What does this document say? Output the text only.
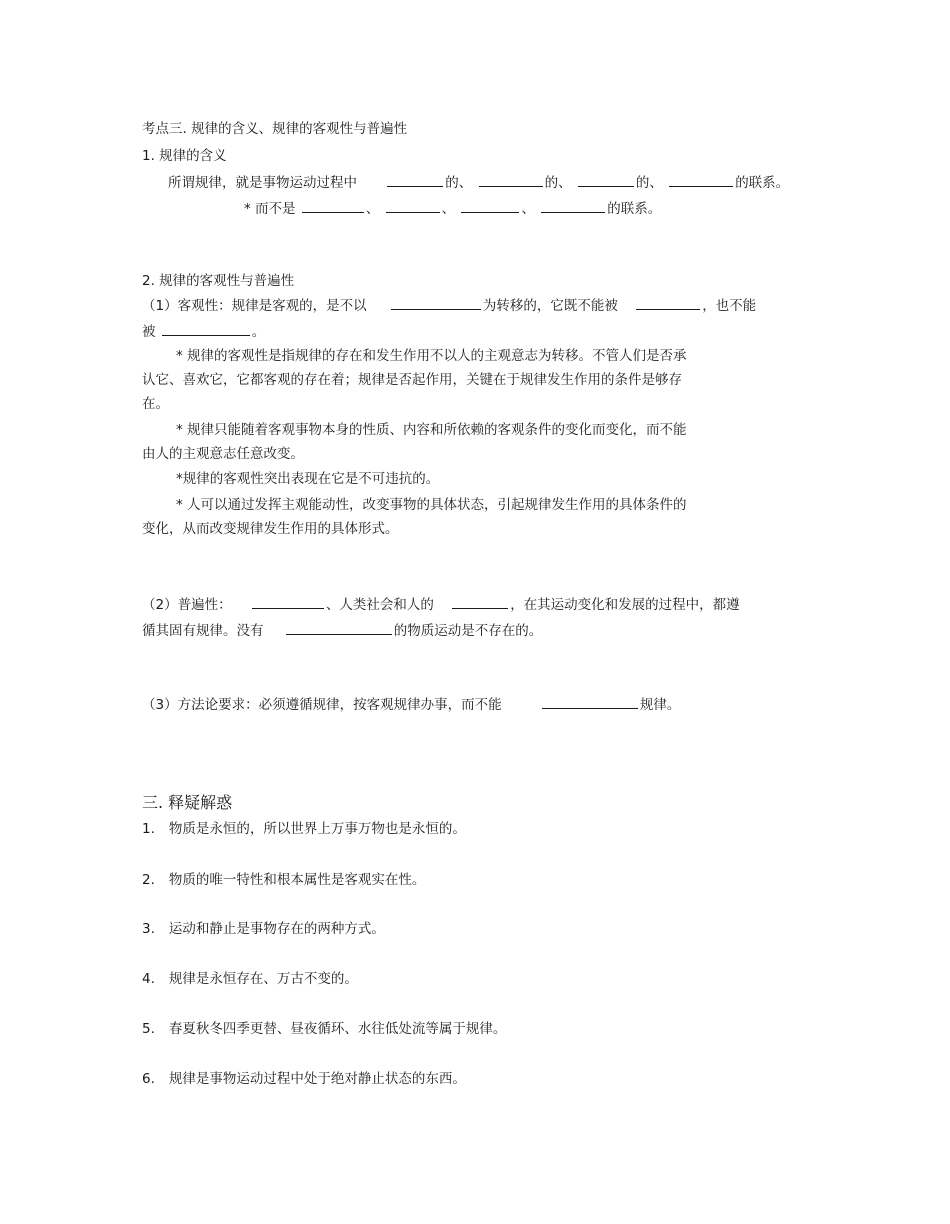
考点三. 规律的含义、规律的客观性与普遍性
1. 规律的含义
所谓规律，就是事物运动过程中	的、	的、	的、	的联系。
* 而不是	、	、	、	的联系。
2. 规律的客观性与普遍性
（1）客观性：规律是客观的，是不以	为转移的，它既不能被	，也不能
被	。
* 规律的客观性是指规律的存在和发生作用不以人的主观意志为转移。不管人们是否承
认它、喜欢它，它都客观的存在着；规律是否起作用，关键在于规律发生作用的条件是够存
在。
* 规律只能随着客观事物本身的性质、内容和所依赖的客观条件的变化而变化，而不能
由人的主观意志任意改变。
*规律的客观性突出表现在它是不可违抗的。
* 人可以通过发挥主观能动性，改变事物的具体状态，引起规律发生作用的具体条件的
变化，从而改变规律发生作用的具体形式。
（2）普遍性：	、人类社会和人的	，在其运动变化和发展的过程中，都遵
循其固有规律。没有	的物质运动是不存在的。
（3）方法论要求：必须遵循规律，按客观规律办事，而不能	规律。
三. 释疑解惑
1. 物质是永恒的，所以世界上万事万物也是永恒的。
2. 物质的唯一特性和根本属性是客观实在性。
3. 运动和静止是事物存在的两种方式。
4. 规律是永恒存在、万古不变的。
5. 春夏秋冬四季更替、昼夜循环、水往低处流等属于规律。
6. 规律是事物运动过程中处于绝对静止状态的东西。
